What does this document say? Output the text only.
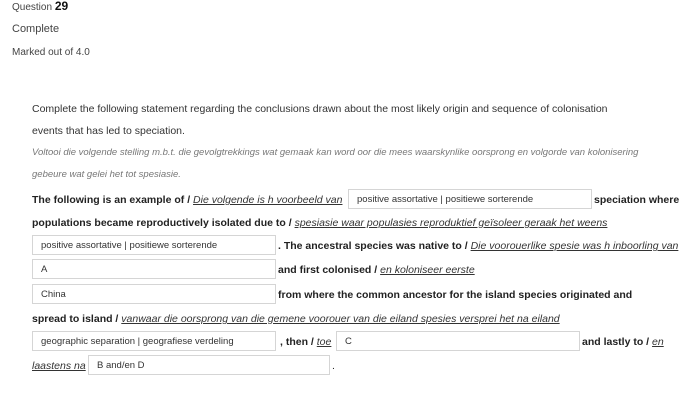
Question 29
Complete
Marked out of 4.0

Complete the following statement regarding the conclusions drawn about the most likely origin and sequence of colonisation

events that has led to speciation.

Voltooi die volgende stelling m.b.t. die gevolgtrekkings wat gemaak kan word oor die mees waarskynlike oorsprong en volgorde van kolonisering

gebeure wat gelei het tot spesiasie.

The following is an example of / Die volgende is h voorbeeld van	positive assortative | positiewe sorterende	speciation where
populations became reproductively isolated due to / spesiasie waar populasies reproduktief geïsoleer geraak het weens
positive assortative | positiewe sorterende	. The ancestral species was native to / Die voorouerlike spesie was h inboorling van
A	and first colonised / en koloniseer eerste
China	from where the common ancestor for the island species originated and
spread to island / vanwaar die oorsprong van die gemene voorouer van die eiland spesies versprei het na eiland
geographic separation | geografiese verdeling	, then / toe	C	and lastly to / en
laastens na	B and/en D	.
